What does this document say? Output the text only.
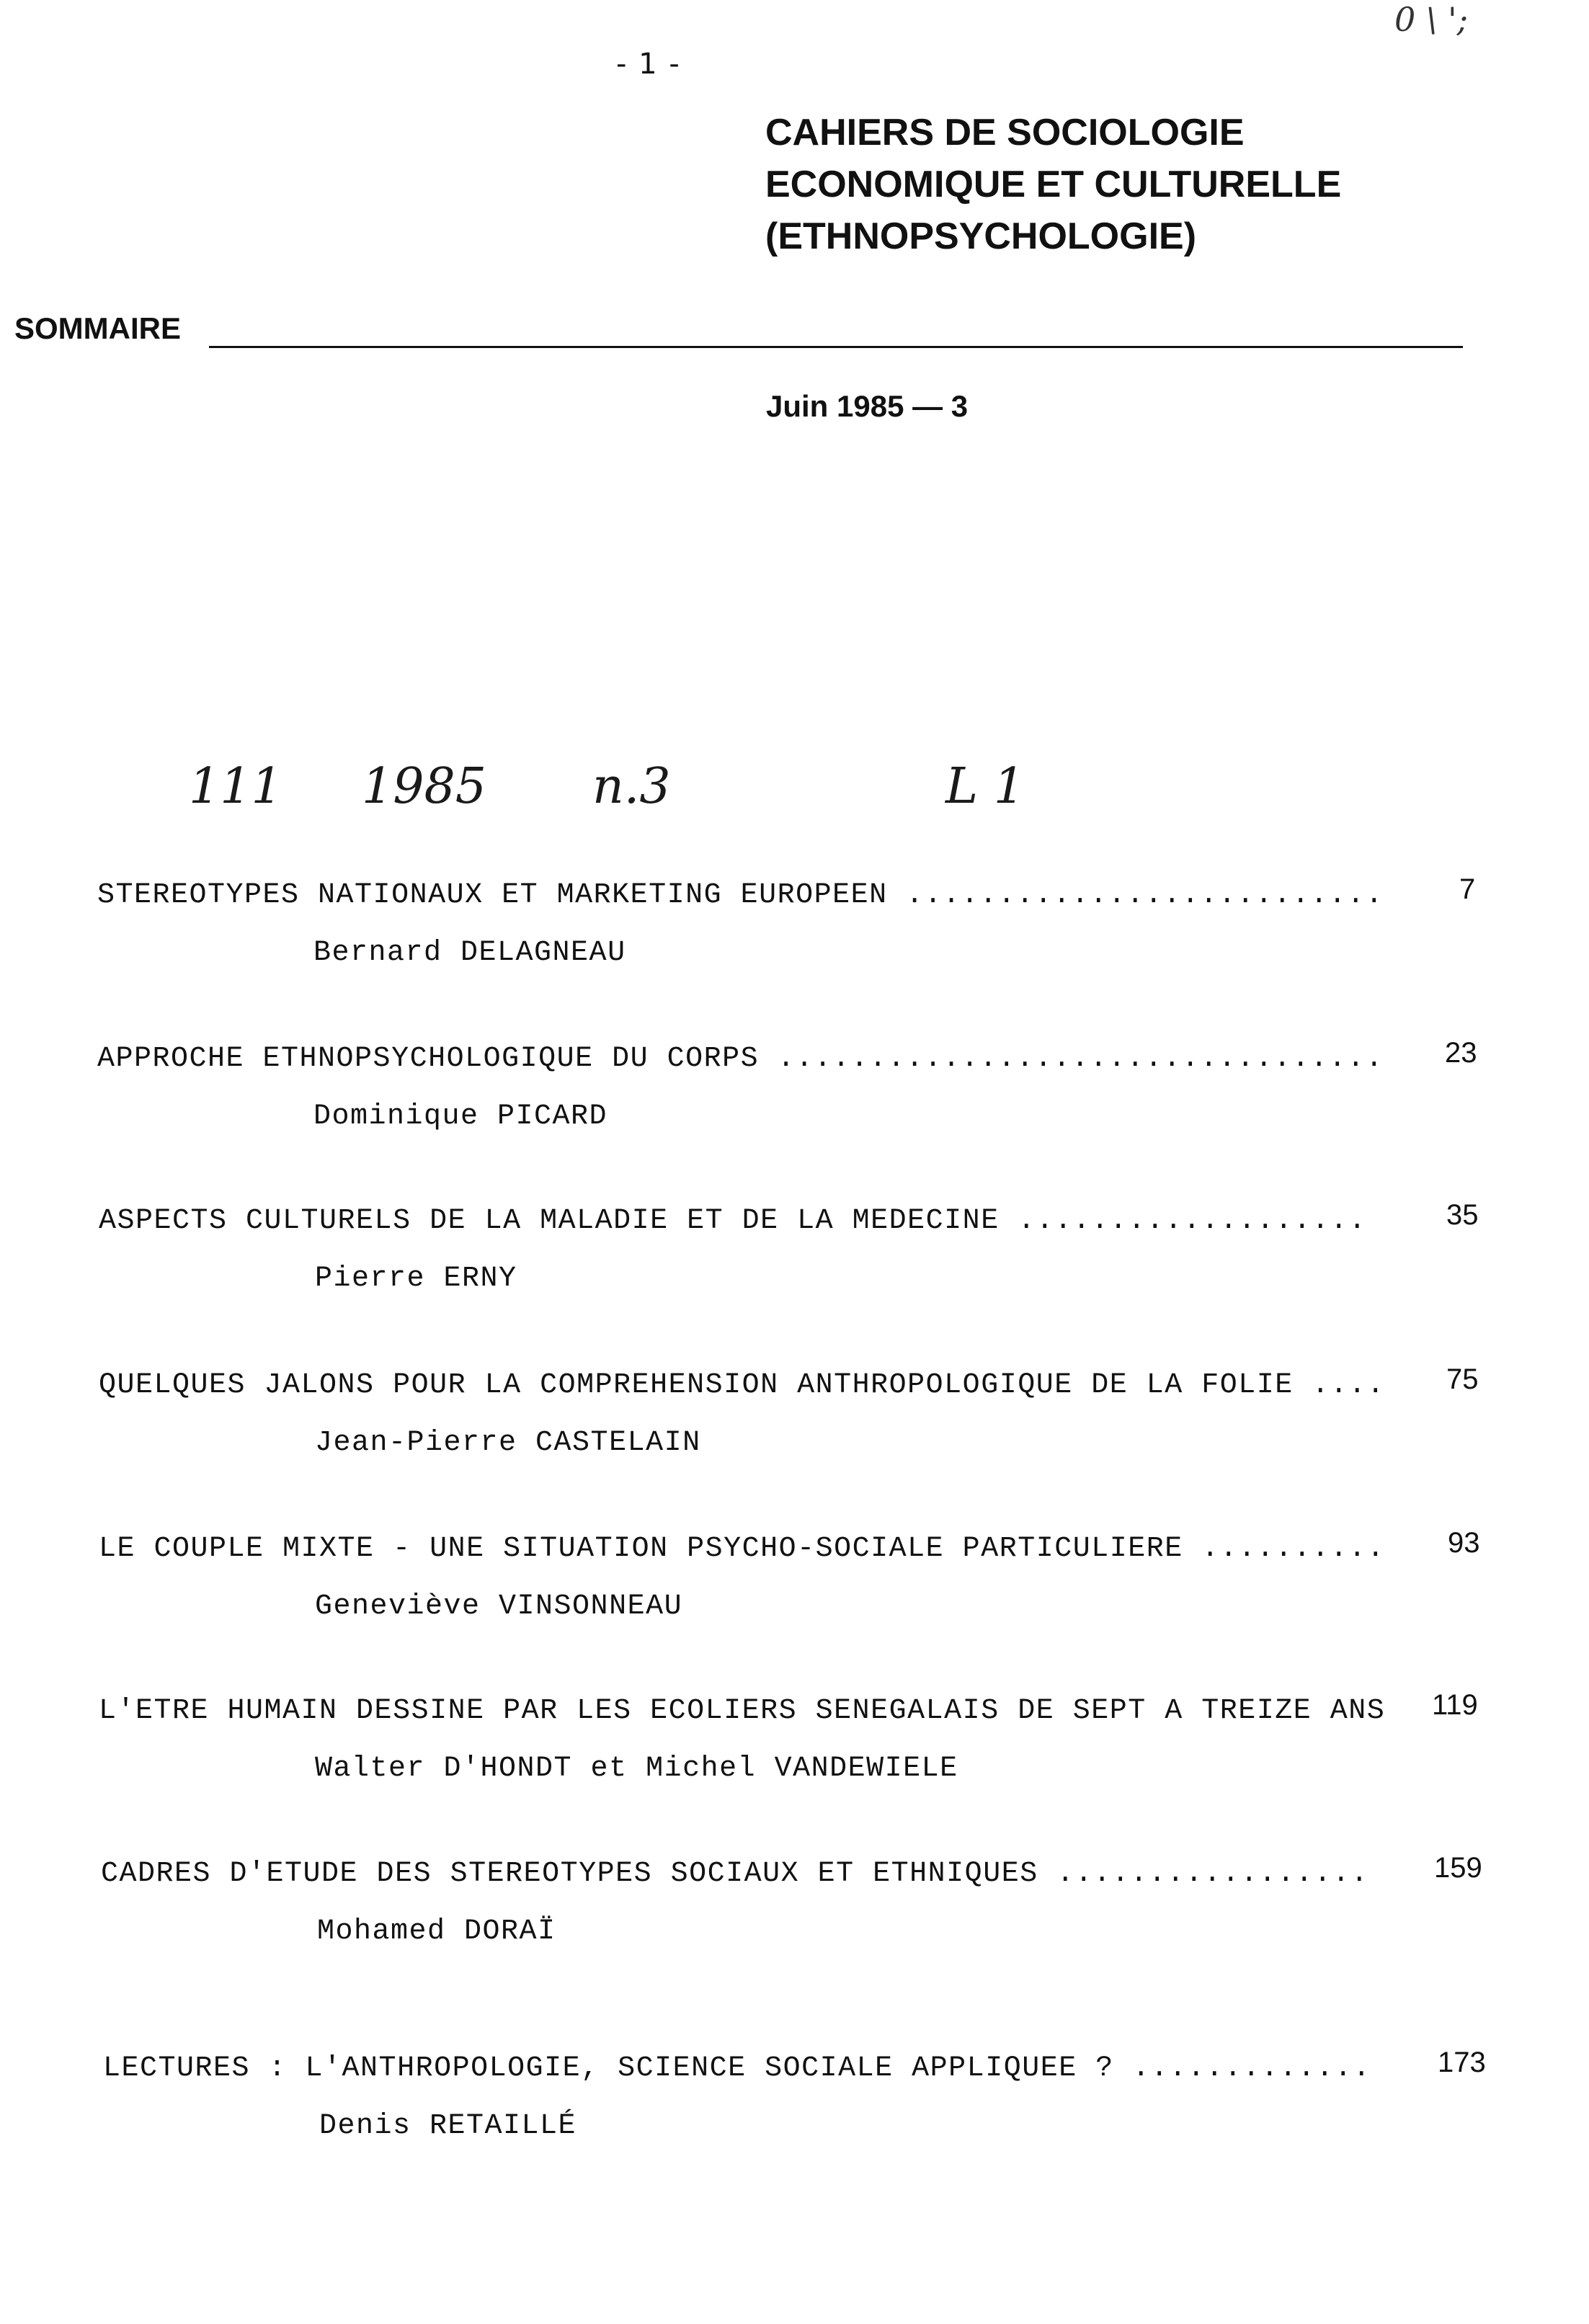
- 1 -
0 \ ';
CAHIERS DE SOCIOLOGIE
ECONOMIQUE ET CULTURELLE
(ETHNOPSYCHOLOGIE)
SOMMAIRE
Juin 1985 — 3
111 1985 n.3	L 1
STEREOTYPES NATIONAUX ET MARKETING EUROPEEN ..........................	7
Bernard DELAGNEAU
APPROCHE ETHNOPSYCHOLOGIQUE DU CORPS ................................. 23
Dominique PICARD
ASPECTS CULTURELS DE LA MALADIE ET DE LA MEDECINE ...................	35
Pierre ERNY
QUELQUES JALONS POUR LA COMPREHENSION ANTHROPOLOGIQUE DE LA FOLIE .... 75
Jean-Pierre CASTELAIN
LE COUPLE MIXTE - UNE SITUATION PSYCHO-SOCIALE PARTICULIERE .......... 93
Geneviève VINSONNEAU
L'ETRE HUMAIN DESSINE PAR LES ECOLIERS SENEGALAIS DE SEPT A TREIZE ANS 119
Walter D'HONDT et Michel VANDEWIELE
CADRES D'ETUDE DES STEREOTYPES SOCIAUX ET ETHNIQUES ................. 159
Mohamed DORAÏ
LECTURES : L'ANTHROPOLOGIE, SCIENCE SOCIALE APPLIQUEE ? ............. 173
Denis RETAILLÉ
